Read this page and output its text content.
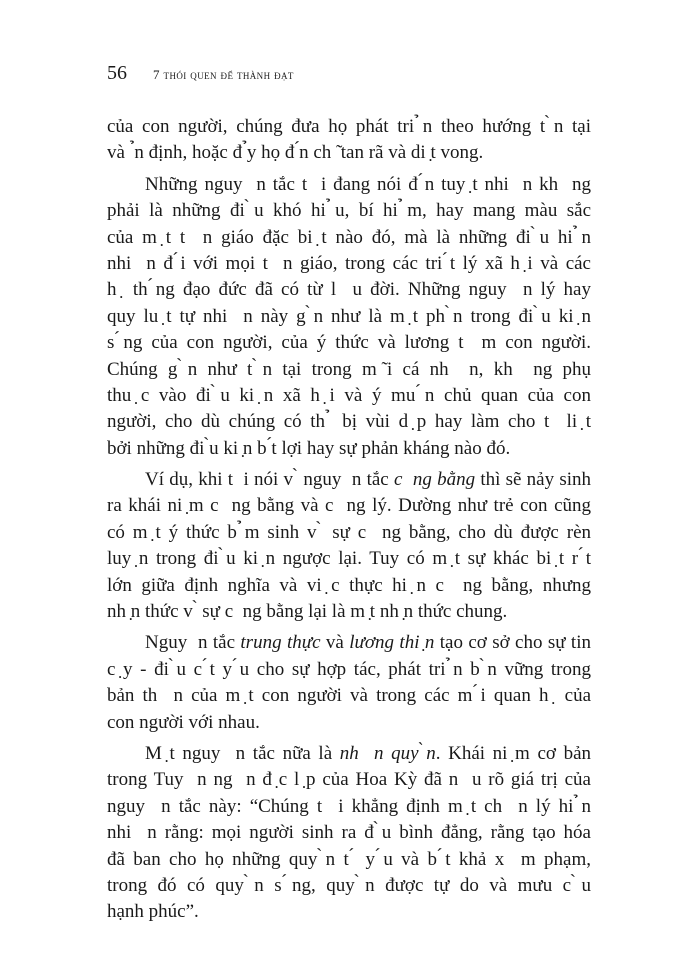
56 7 thói quen để thành đạt
của con người, chúng đưa họ phát tri ̉n theo hướng t ̀n tại
và  ̉n định, hoặc đ ̉y họ đ ́n ch ̃ tan rã và di ̣t vong.
Những nguy  n tắc t  i đang nói đ ́n tuy ̣t nhi  n kh  ng
phải là những đi ̀u khó hi ̉u, bí hi ̉m, hay mang màu sắc
của m ̣t t  n giáo đặc bi ̣t nào đó, mà là những đi ̀u hi ̉n
nhi  n đ ́i với mọi t  n giáo, trong các tri ́t lý xã h ̣i và các
h ̣ th ́ng đạo đức đã có từ l  u đời. Những nguy  n lý hay
quy lu ̣t tự nhi  n này g ̀n như là m ̣t ph ̀n trong đi ̀u ki ̣n
s ́ng của con người, của ý thức và lương t  m con người.
Chúng g ̀n như t ̀n tại trong m ̃i cá nh  n, kh  ng phụ
thu ̣c vào đi ̀u ki ̣n xã h ̣i và ý mu ́n chủ quan của con
người, cho dù chúng có th ̉ bị vùi d ̣p hay làm cho t  li ̣t
bởi những đi ̀u ki ̣n b ́t lợi hay sự phản kháng nào đó.
Ví dụ, khi t  i nói v ̀ nguy  n tắc c  ng bằng thì sẽ nảy sinh
ra khái ni ̣m c  ng bằng và c  ng lý. Dường như trẻ con cũng
có m ̣t ý thức b ̉m sinh v ̀ sự c  ng bằng, cho dù được rèn
luy ̣n trong đi ̀u ki ̣n ngược lại. Tuy có m ̣t sự khác bi ̣t r ́t
lớn giữa định nghĩa và vi ̣c thực hi ̣n c  ng bằng, nhưng
nh ̣n thức v ̀ sự c  ng bằng lại là m ̣t nh ̣n thức chung.
Nguy  n tắc trung thực và lương thi ̣n tạo cơ sở cho sự tin
c ̣y - đi ̀u c ́t y ́u cho sự hợp tác, phát tri ̉n b ̀n vững trong
bản th  n của m ̣t con người và trong các m ́i quan h ̣ của
con người với nhau.
M ̣t nguy  n tắc nữa là nh  n quy ̀n. Khái ni ̣m cơ bản
trong Tuy  n ng  n đ ̣c l ̣p của Hoa Kỳ đã n  u rõ giá trị của
nguy  n tắc này: “Chúng t  i khẳng định m ̣t ch  n lý hi ̉n
nhi  n rằng: mọi người sinh ra đ ̀u bình đẳng, rằng tạo hóa
đã ban cho họ những quy ̀n t ́ y ́u và b ́t khả x  m phạm,
trong đó có quy ̀n s ́ng, quy ̀n được tự do và mưu c ̀u
hạnh phúc”.
